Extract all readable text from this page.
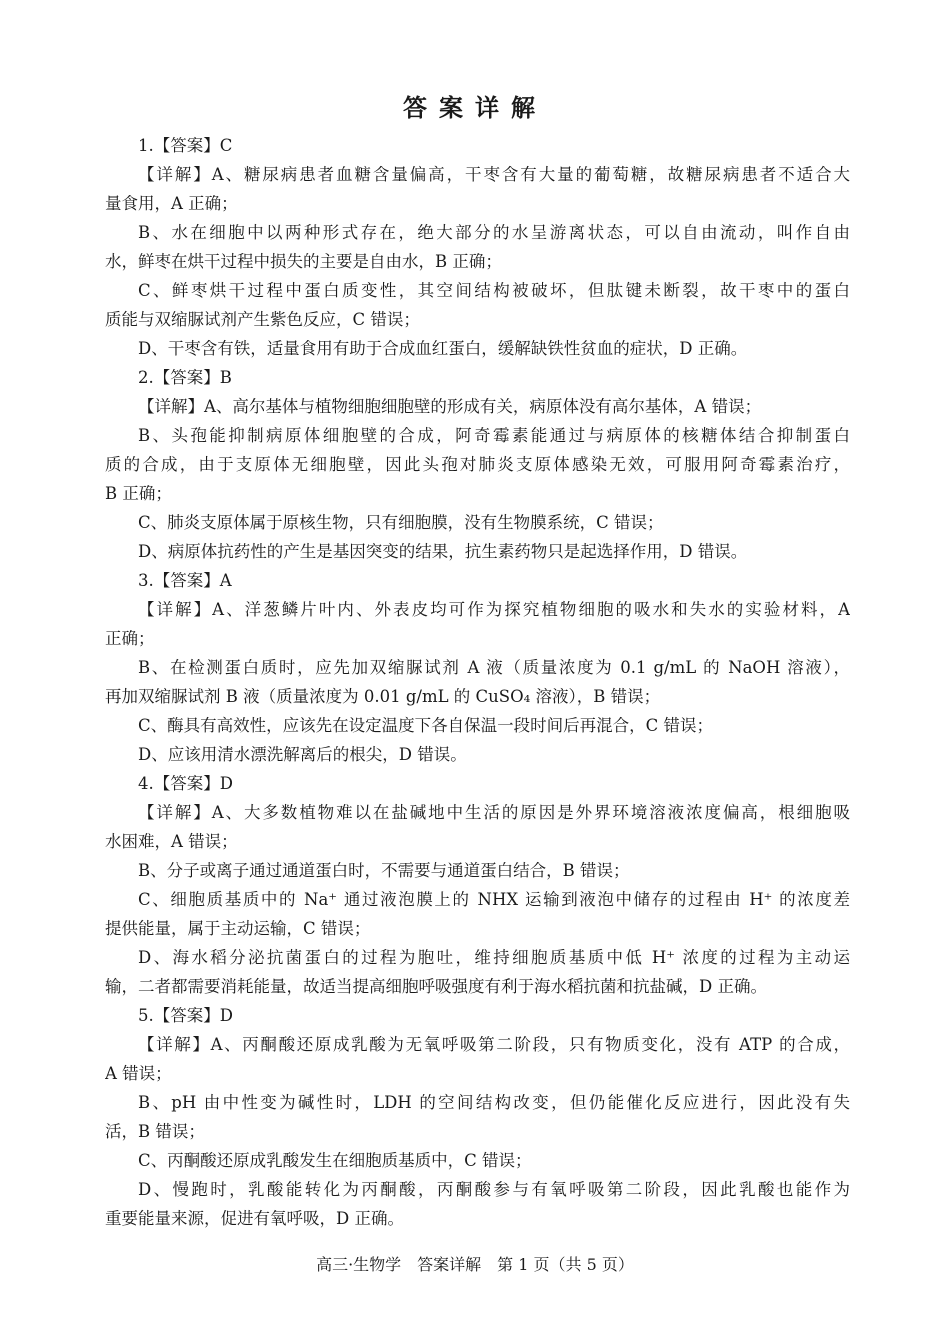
答案详解
1.【答案】C
【详解】A、糖尿病患者血糖含量偏高，干枣含有大量的葡萄糖，故糖尿病患者不适合大
量食用，A 正确；
B、水在细胞中以两种形式存在，绝大部分的水呈游离状态，可以自由流动，叫作自由
水，鲜枣在烘干过程中损失的主要是自由水，B 正确；
C、鲜枣烘干过程中蛋白质变性，其空间结构被破坏，但肽键未断裂，故干枣中的蛋白
质能与双缩脲试剂产生紫色反应，C 错误；
D、干枣含有铁，适量食用有助于合成血红蛋白，缓解缺铁性贫血的症状，D 正确。
2.【答案】B
【详解】A、高尔基体与植物细胞细胞壁的形成有关，病原体没有高尔基体，A 错误；
B、头孢能抑制病原体细胞壁的合成，阿奇霉素能通过与病原体的核糖体结合抑制蛋白
质的合成，由于支原体无细胞壁，因此头孢对肺炎支原体感染无效，可服用阿奇霉素治疗，
B 正确；
C、肺炎支原体属于原核生物，只有细胞膜，没有生物膜系统，C 错误；
D、病原体抗药性的产生是基因突变的结果，抗生素药物只是起选择作用，D 错误。
3.【答案】A
【详解】A、洋葱鳞片叶内、外表皮均可作为探究植物细胞的吸水和失水的实验材料，A
正确；
B、在检测蛋白质时，应先加双缩脲试剂 A 液（质量浓度为 0.1 g/mL 的 NaOH 溶液），
再加双缩脲试剂 B 液（质量浓度为 0.01 g/mL 的 CuSO₄ 溶液），B 错误；
C、酶具有高效性，应该先在设定温度下各自保温一段时间后再混合，C 错误；
D、应该用清水漂洗解离后的根尖，D 错误。
4.【答案】D
【详解】A、大多数植物难以在盐碱地中生活的原因是外界环境溶液浓度偏高，根细胞吸
水困难，A 错误；
B、分子或离子通过通道蛋白时，不需要与通道蛋白结合，B 错误；
C、细胞质基质中的 Na⁺ 通过液泡膜上的 NHX 运输到液泡中储存的过程由 H⁺ 的浓度差
提供能量，属于主动运输，C 错误；
D、海水稻分泌抗菌蛋白的过程为胞吐，维持细胞质基质中低 H⁺ 浓度的过程为主动运
输，二者都需要消耗能量，故适当提高细胞呼吸强度有利于海水稻抗菌和抗盐碱，D 正确。
5.【答案】D
【详解】A、丙酮酸还原成乳酸为无氧呼吸第二阶段，只有物质变化，没有 ATP 的合成，
A 错误；
B、pH 由中性变为碱性时，LDH 的空间结构改变，但仍能催化反应进行，因此没有失
活，B 错误；
C、丙酮酸还原成乳酸发生在细胞质基质中，C 错误；
D、慢跑时，乳酸能转化为丙酮酸，丙酮酸参与有氧呼吸第二阶段，因此乳酸也能作为
重要能量来源，促进有氧呼吸，D 正确。
高三·生物学　答案详解　第 1 页（共 5 页）
